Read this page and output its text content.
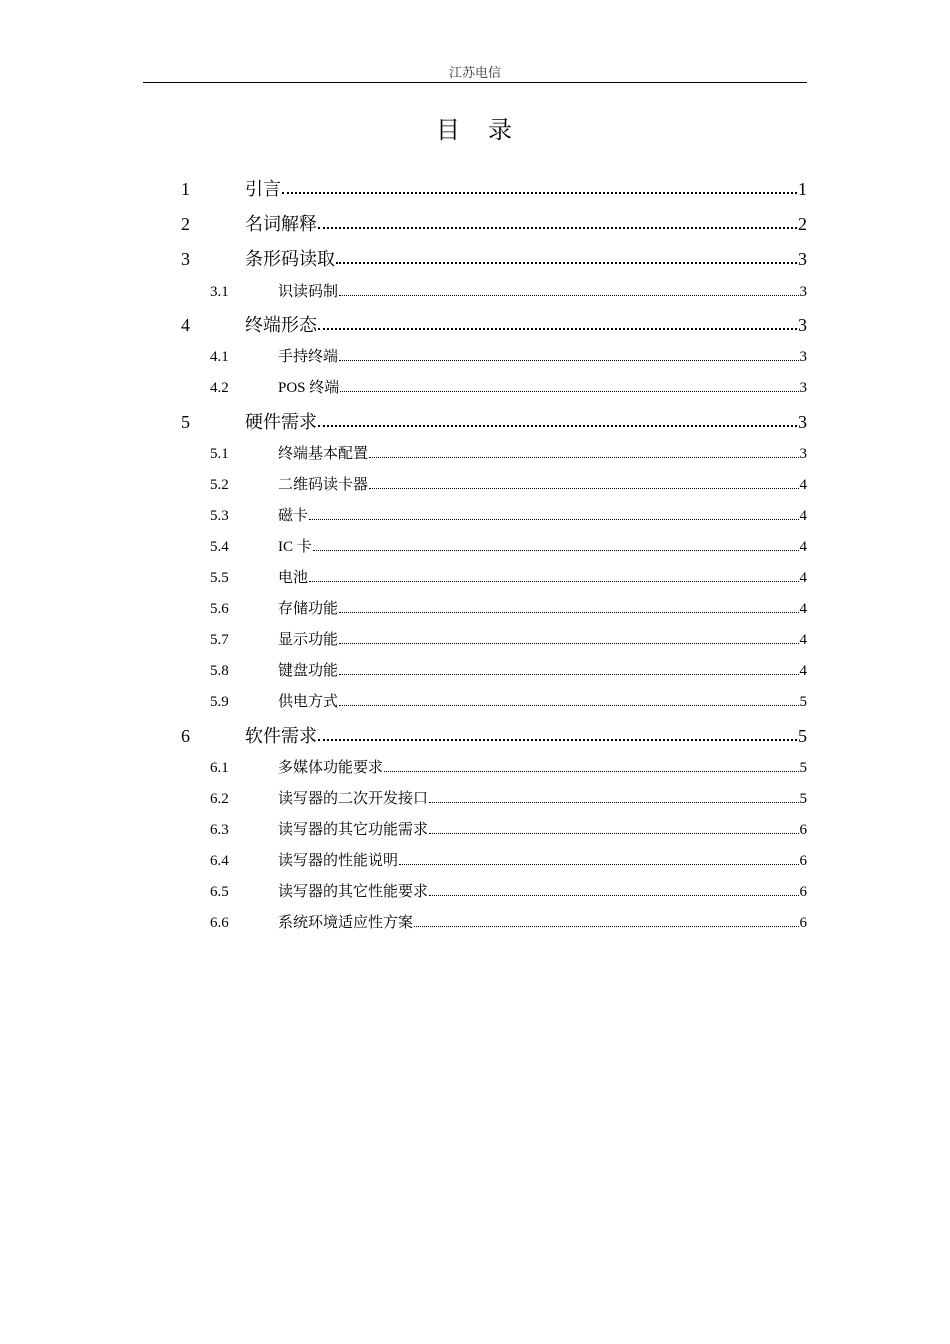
江苏电信
目 录
1	引言	1
2	名词解释	2
3	条形码读取	3
3.1	识读码制	3
4	终端形态	3
4.1	手持终端	3
4.2	POS 终端	3
5	硬件需求	3
5.1	终端基本配置	3
5.2	二维码读卡器	4
5.3	磁卡	4
5.4	IC 卡	4
5.5	电池	4
5.6	存储功能	4
5.7	显示功能	4
5.8	键盘功能	4
5.9	供电方式	5
6	软件需求	5
6.1	多媒体功能要求	5
6.2	读写器的二次开发接口	5
6.3	读写器的其它功能需求	6
6.4	读写器的性能说明	6
6.5	读写器的其它性能要求	6
6.6	系统环境适应性方案	6
